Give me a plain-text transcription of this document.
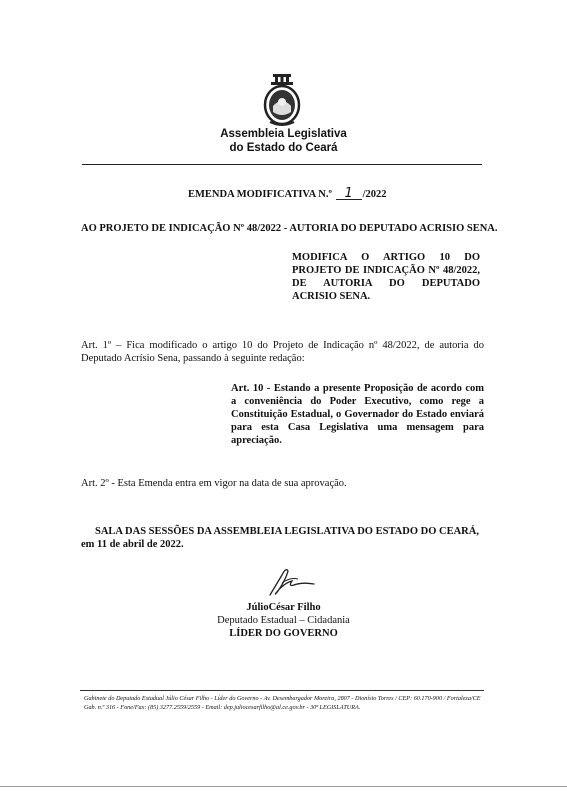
Assembleia Legislativa
do Estado do Ceará
EMENDA MODIFICATIVA N.º 1 /2022
AO PROJETO DE INDICAÇÃO Nº 48/2022 - AUTORIA DO DEPUTADO ACRISIO SENA.
MODIFICA O ARTIGO 10 DO PROJETO DE INDICAÇÃO Nº 48/2022, DE AUTORIA DO DEPUTADO ACRISIO SENA.
Art. 1º – Fica modificado o artigo 10 do Projeto de Indicação nº 48/2022, de autoria do Deputado Acrísio Sena, passando à seguinte redação:
Art. 10 - Estando a presente Proposição de acordo com a conveniência do Poder Executivo, como rege a Constituição Estadual, o Governador do Estado enviará para esta Casa Legislativa uma mensagem para apreciação.
Art. 2º - Esta Emenda entra em vigor na data de sua aprovação.
SALA DAS SESSÕES DA ASSEMBLEIA LEGISLATIVA DO ESTADO DO CEARÁ, em 11 de abril de 2022.
JúlioCésar Filho
Deputado Estadual – Cidadania
LÍDER DO GOVERNO
Gabinete do Deputado Estadual Júlio César Filho - Líder do Governo - Av. Desembargador Moreira, 2807 - Dionísio Torres / CEP: 60.170-900 / Fortaleza/CE Gab. n.º 316 - Fone/Fax: (85) 3277.2559/2559 - Email: dep.juliocesarfilho@al.ce.gov.br - 30ª LEGISLATURA.
